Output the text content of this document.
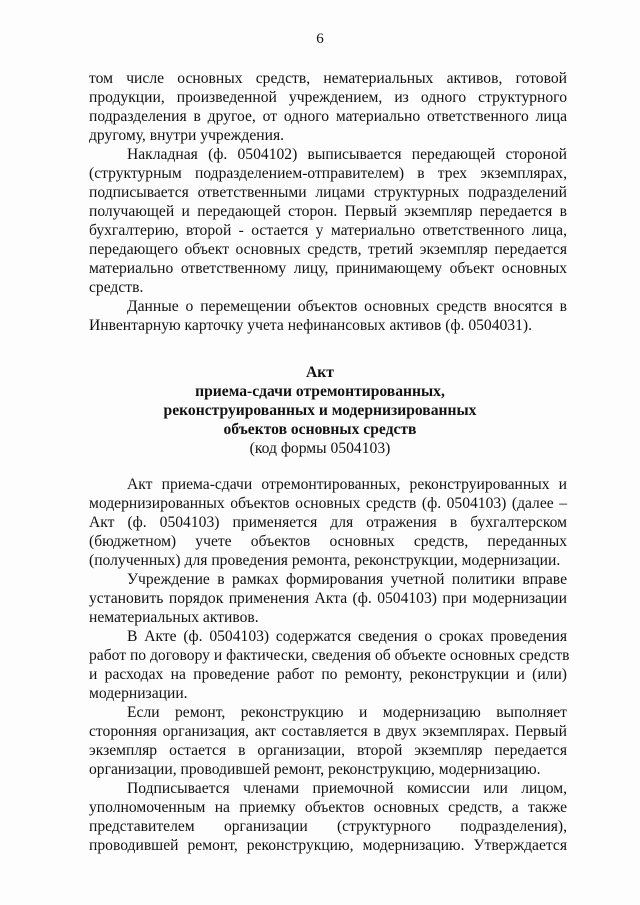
6
том числе основных средств, нематериальных активов, готовой
продукции, произведенной учреждением, из одного структурного
подразделения в другое, от одного материально ответственного лица
другому, внутри учреждения.
Накладная (ф. 0504102) выписывается передающей стороной
(структурным подразделением-отправителем) в трех экземплярах,
подписывается ответственными лицами структурных подразделений
получающей и передающей сторон. Первый экземпляр передается в
бухгалтерию, второй - остается у материально ответственного лица,
передающего объект основных средств, третий экземпляр передается
материально ответственному лицу, принимающему объект основных
средств.
Данные о перемещении объектов основных средств вносятся в
Инвентарную карточку учета нефинансовых активов (ф. 0504031).
Акт
приема-сдачи отремонтированных,
реконструированных и модернизированных
объектов основных средств
(код формы 0504103)
Акт приема-сдачи отремонтированных, реконструированных и
модернизированных объектов основных средств (ф. 0504103) (далее –
Акт (ф. 0504103) применяется для отражения в бухгалтерском
(бюджетном) учете объектов основных средств, переданных
(полученных) для проведения ремонта, реконструкции, модернизации.
Учреждение в рамках формирования учетной политики вправе
установить порядок применения Акта (ф. 0504103) при модернизации
нематериальных активов.
В Акте (ф. 0504103) содержатся сведения о сроках проведения
работ по договору и фактически, сведения об объекте основных средств
и расходах на проведение работ по ремонту, реконструкции и (или)
модернизации.
Если ремонт, реконструкцию и модернизацию выполняет
сторонняя организация, акт составляется в двух экземплярах. Первый
экземпляр остается в организации, второй экземпляр передается
организации, проводившей ремонт, реконструкцию, модернизацию.
Подписывается членами приемочной комиссии или лицом,
уполномоченным на приемку объектов основных средств, а также
представителем организации (структурного подразделения),
проводившей ремонт, реконструкцию, модернизацию. Утверждается
